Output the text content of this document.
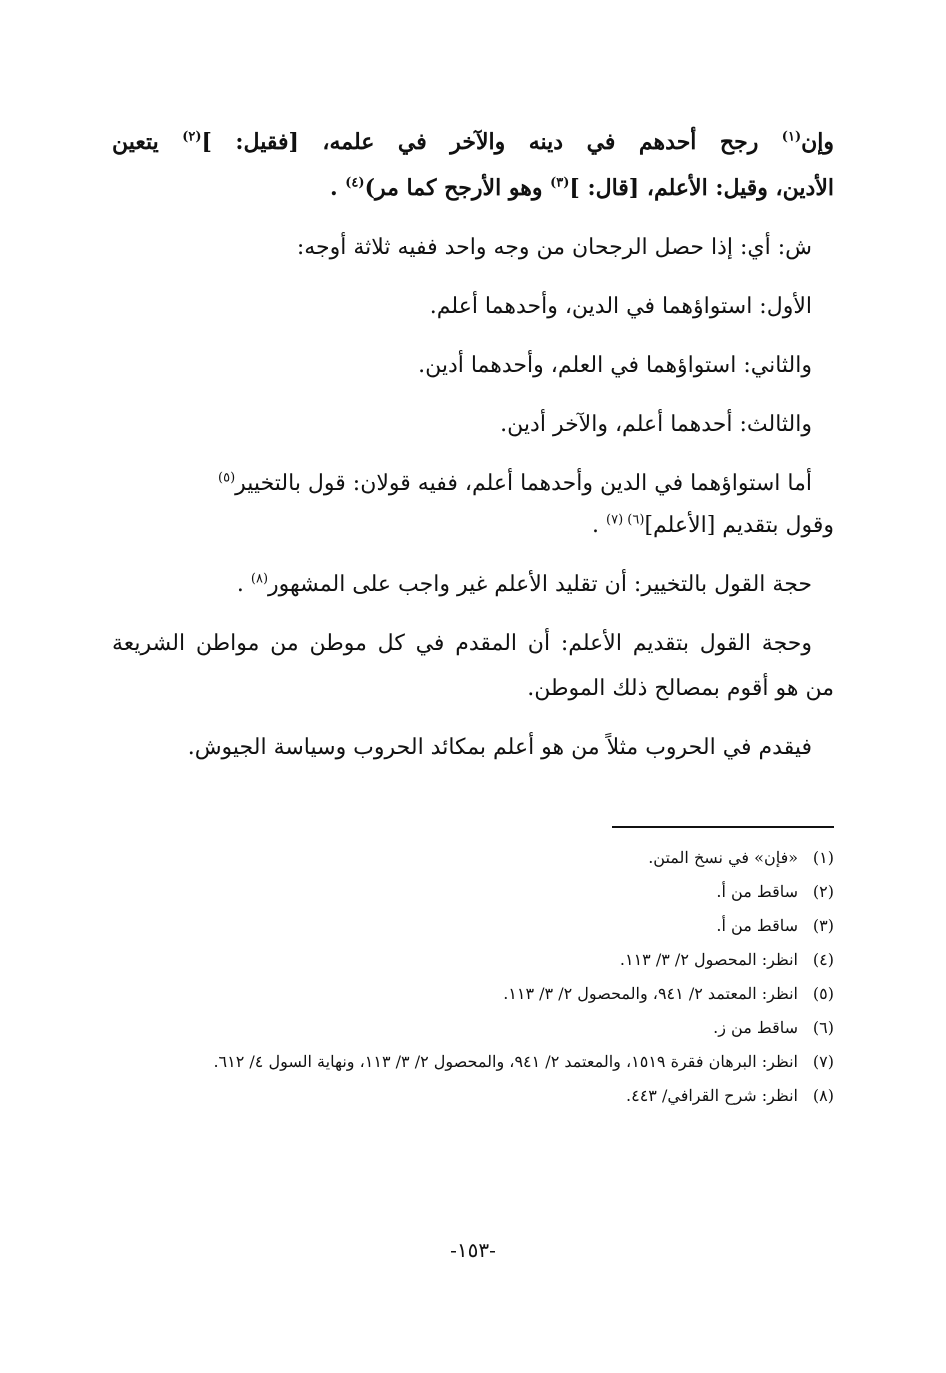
وإن$^{(١)}$ رجح أحدهم في دينه والآخر في علمه، [فقيل: ]$^{(٢)}$ يتعين
الأدين، وقيل: الأعلم، [قال: ]$^{(٣)}$ وهو الأرجح كما مر)$^{(٤)}$ .
ش: أي: إذا حصل الرجحان من وجه واحد ففيه ثلاثة أوجه:
الأول: استواؤهما في الدين، وأحدهما أعلم.
والثاني: استواؤهما في العلم، وأحدهما أدين.
والثالث: أحدهما أعلم، والآخر أدين.
أما استواؤهما في الدين وأحدهما أعلم، ففيه قولان: قول بالتخيير$^{(٥)}$
وقول بتقديم [الأعلم]$^{(٦)}$ $^{(٧)}$ .
حجة القول بالتخيير: أن تقليد الأعلم غير واجب على المشهور$^{(٨)}$ .
وحجة القول بتقديم الأعلم: أن المقدم في كل موطن من مواطن الشريعة
من هو أقوم بمصالح ذلك الموطن.
فيقدم في الحروب مثلاً من هو أعلم بمكائد الحروب وسياسة الجيوش.
(١)
«فإن» في نسخ المتن.
(٢)
ساقط من أ.
(٣)
ساقط من أ.
(٤)
انظر: المحصول ٢/ ٣/ ١١٣.
(٥)
انظر: المعتمد ٢/ ٩٤١، والمحصول ٢/ ٣/ ١١٣.
(٦)
ساقط من ز.
(٧)
انظر: البرهان فقرة ١٥١٩، والمعتمد ٢/ ٩٤١، والمحصول ٢/ ٣/ ١١٣، ونهاية السول ٤/ ٦١٢.
(٨)
انظر: شرح القرافي/ ٤٤٣.
-١٥٣-
